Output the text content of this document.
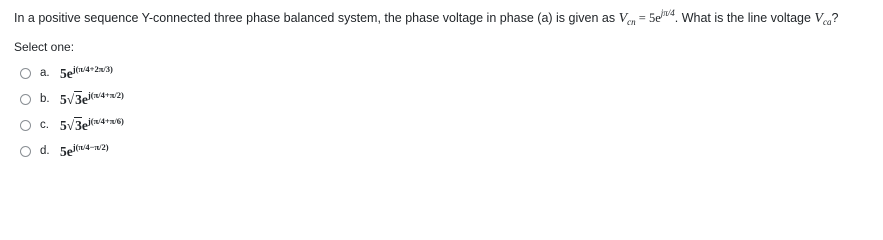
In a positive sequence Y-connected three phase balanced system, the phase voltage in phase (a) is given as $V_{cn} = 5e^{j\pi/4}$. What is the line voltage $V_{ca}$?
Select one:
a. $5e^{j(\pi/4+2\pi/3)}$
b. $5√3e^{j(\pi/4+\pi/2)}$
c. $5√3e^{j(\pi/4+\pi/6)}$
d. $5e^{j(\pi/4-\pi/2)}$
